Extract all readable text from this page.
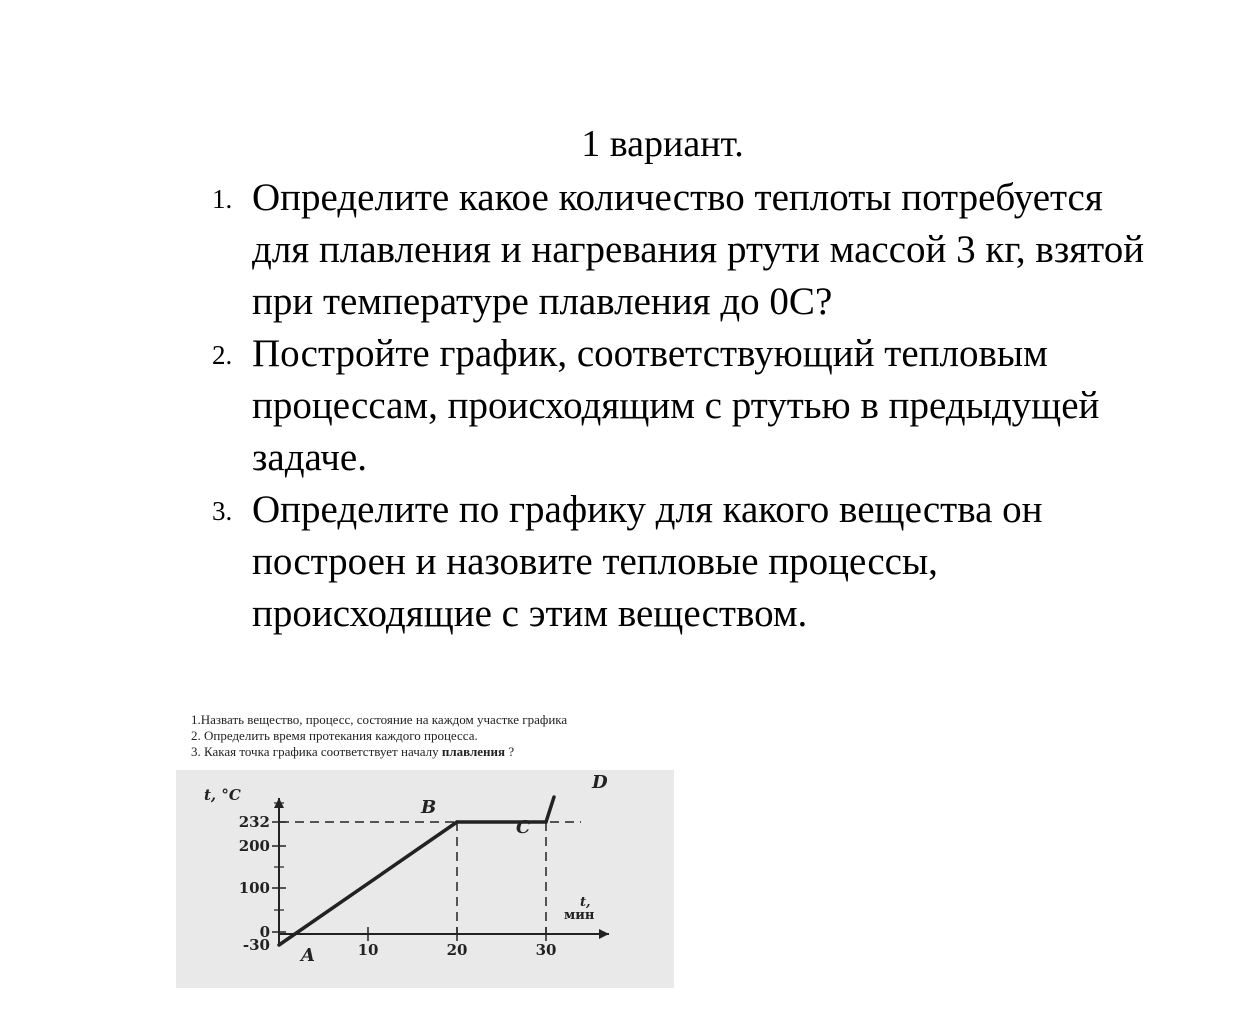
1 вариант.
1. Определите какое количество теплоты потребуется для плавления и нагревания ртути массой 3 кг, взятой при температуре плавления до 0С?
2. Постройте график, соответствующий тепловым процессам, происходящим с ртутью в предыдущей задаче.
3. Определите по графику для какого вещества он построен и назовите тепловые процессы, происходящие с этим веществом.
1.Назвать вещество, процесс, состояние на каждом участке графика
2. Определить время протекания каждого процесса.
3. Какая точка графика соответствует началу плавления ?
t, °C
t,
мин
232
200
100
0
-30	10	20	30
A
B
C
D
